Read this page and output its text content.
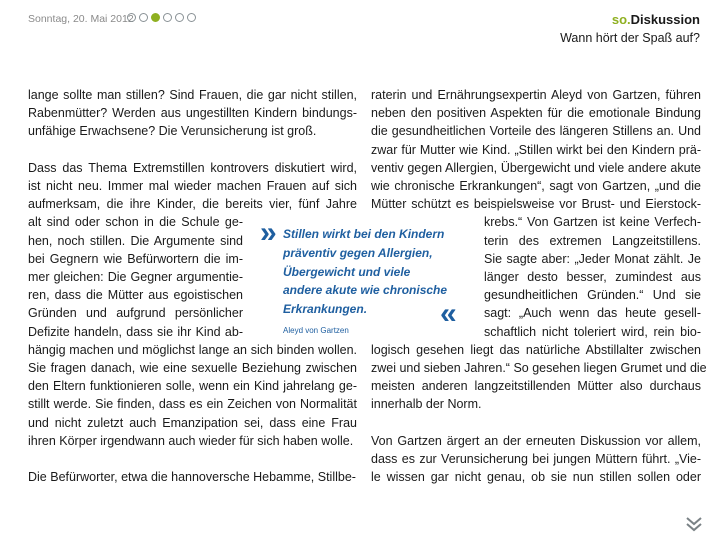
Sonntag, 20. Mai 2012	so.Diskussion
Wann hört der Spaß auf?
lange sollte man stillen? Sind Frauen, die gar nicht stillen,
Rabenmütter? Werden aus ungestillten Kindern bindungs-
unfähige Erwachsene? Die Verunsicherung ist groß.
Dass das Thema Extremstillen kontrovers diskutiert wird,
ist nicht neu. Immer mal wieder machen Frauen auf sich
aufmerksam, die ihre Kinder, die bereits vier, fünf Jahre
alt sind oder schon in die Schule ge-
hen, noch stillen. Die Argumente sind
bei Gegnern wie Befürwortern die im-
mer gleichen: Die Gegner argumentie-
ren, dass die Mütter aus egoistischen
Gründen und aufgrund persönlicher
Defizite handeln, dass sie ihr Kind ab-
hängig machen und möglichst lange an sich binden wollen.
Sie fragen danach, wie eine sexuelle Beziehung zwischen
den Eltern funktionieren solle, wenn ein Kind jahrelang ge-
stillt werde. Sie finden, dass es ein Zeichen von Normalität
und nicht zuletzt auch Emanzipation sei, dass eine Frau
ihren Körper irgendwann auch wieder für sich haben wolle.
Die Befürworter, etwa die hannoversche Hebamme, Stillbe-
raterin und Ernährungsexpertin Aleyd von Gartzen, führen
neben den positiven Aspekten für die emotionale Bindung
die gesundheitlichen Vorteile des längeren Stillens an. Und
zwar für Mutter wie Kind. „Stillen wirkt bei den Kindern prä-
ventiv gegen Allergien, Übergewicht und viele andere akute
wie chronische Erkrankungen“, sagt von Gartzen, „und die
Mütter schützt es beispielsweise vor Brust- und Eierstock-
krebs.“ Von Gartzen ist keine Verfech-
terin des extremen Langzeitstillens.
Sie sagte aber: „Jeder Monat zählt. Je
länger desto besser, zumindest aus
gesundheitlichen Gründen.“ Und sie
sagt: „Auch wenn das heute gesell-
schaftlich nicht toleriert wird, rein bio-
logisch gesehen liegt das natürliche Abstillalter zwischen
zwei und sieben Jahren.“ So gesehen liegen Grumet und die
meisten anderen langzeitstillenden Mütter also durchaus
innerhalb der Norm.
Von Gartzen ärgert an der erneuten Diskussion vor allem,
dass es zur Verunsicherung bei jungen Müttern führt. „Vie-
le wissen gar nicht genau, ob sie nun stillen sollen oder
» Stillen wirkt bei den Kindern
präventiv gegen Allergien,
Übergewicht und viele
andere akute wie chronische
Erkrankungen.
Aleyd von Gartzen
«
